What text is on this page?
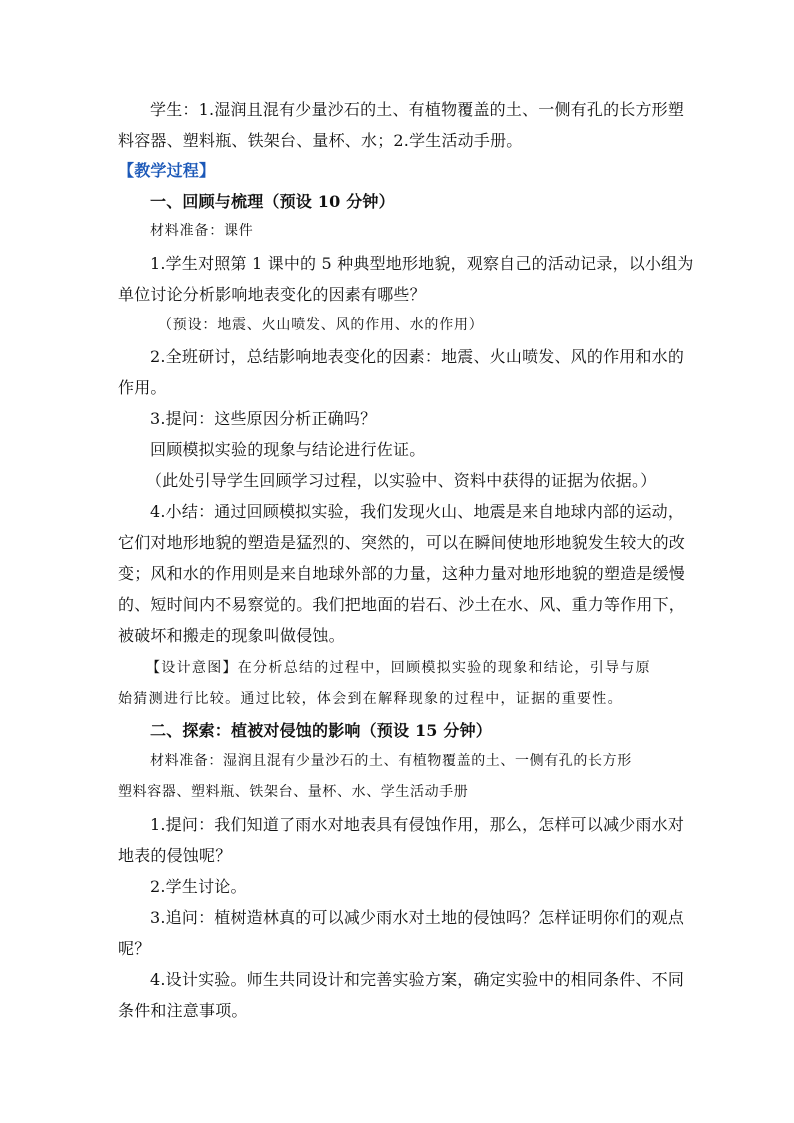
学生：1.湿润且混有少量沙石的土、有植物覆盖的土、一侧有孔的长方形塑
料容器、塑料瓶、铁架台、量杯、水；2.学生活动手册。
【教学过程】
一、回顾与梳理（预设 10 分钟）
材料准备：课件
1.学生对照第 1 课中的 5 种典型地形地貌，观察自己的活动记录，以小组为
单位讨论分析影响地表变化的因素有哪些？
（预设：地震、火山喷发、风的作用、水的作用）
2.全班研讨，总结影响地表变化的因素：地震、火山喷发、风的作用和水的
作用。
3.提问：这些原因分析正确吗？
回顾模拟实验的现象与结论进行佐证。
（此处引导学生回顾学习过程，以实验中、资料中获得的证据为依据。）
4.小结：通过回顾模拟实验，我们发现火山、地震是来自地球内部的运动，
它们对地形地貌的塑造是猛烈的、突然的，可以在瞬间使地形地貌发生较大的改
变；风和水的作用则是来自地球外部的力量，这种力量对地形地貌的塑造是缓慢
的、短时间内不易察觉的。我们把地面的岩石、沙土在水、风、重力等作用下，
被破坏和搬走的现象叫做侵蚀。
【设计意图】在分析总结的过程中，回顾模拟实验的现象和结论，引导与原
始猜测进行比较。通过比较，体会到在解释现象的过程中，证据的重要性。
二、探索：植被对侵蚀的影响（预设 15 分钟）
材料准备：湿润且混有少量沙石的土、有植物覆盖的土、一侧有孔的长方形
塑料容器、塑料瓶、铁架台、量杯、水、学生活动手册
1.提问：我们知道了雨水对地表具有侵蚀作用，那么，怎样可以减少雨水对
地表的侵蚀呢？
2.学生讨论。
3.追问：植树造林真的可以减少雨水对土地的侵蚀吗？怎样证明你们的观点
呢？
4.设计实验。师生共同设计和完善实验方案，确定实验中的相同条件、不同
条件和注意事项。
